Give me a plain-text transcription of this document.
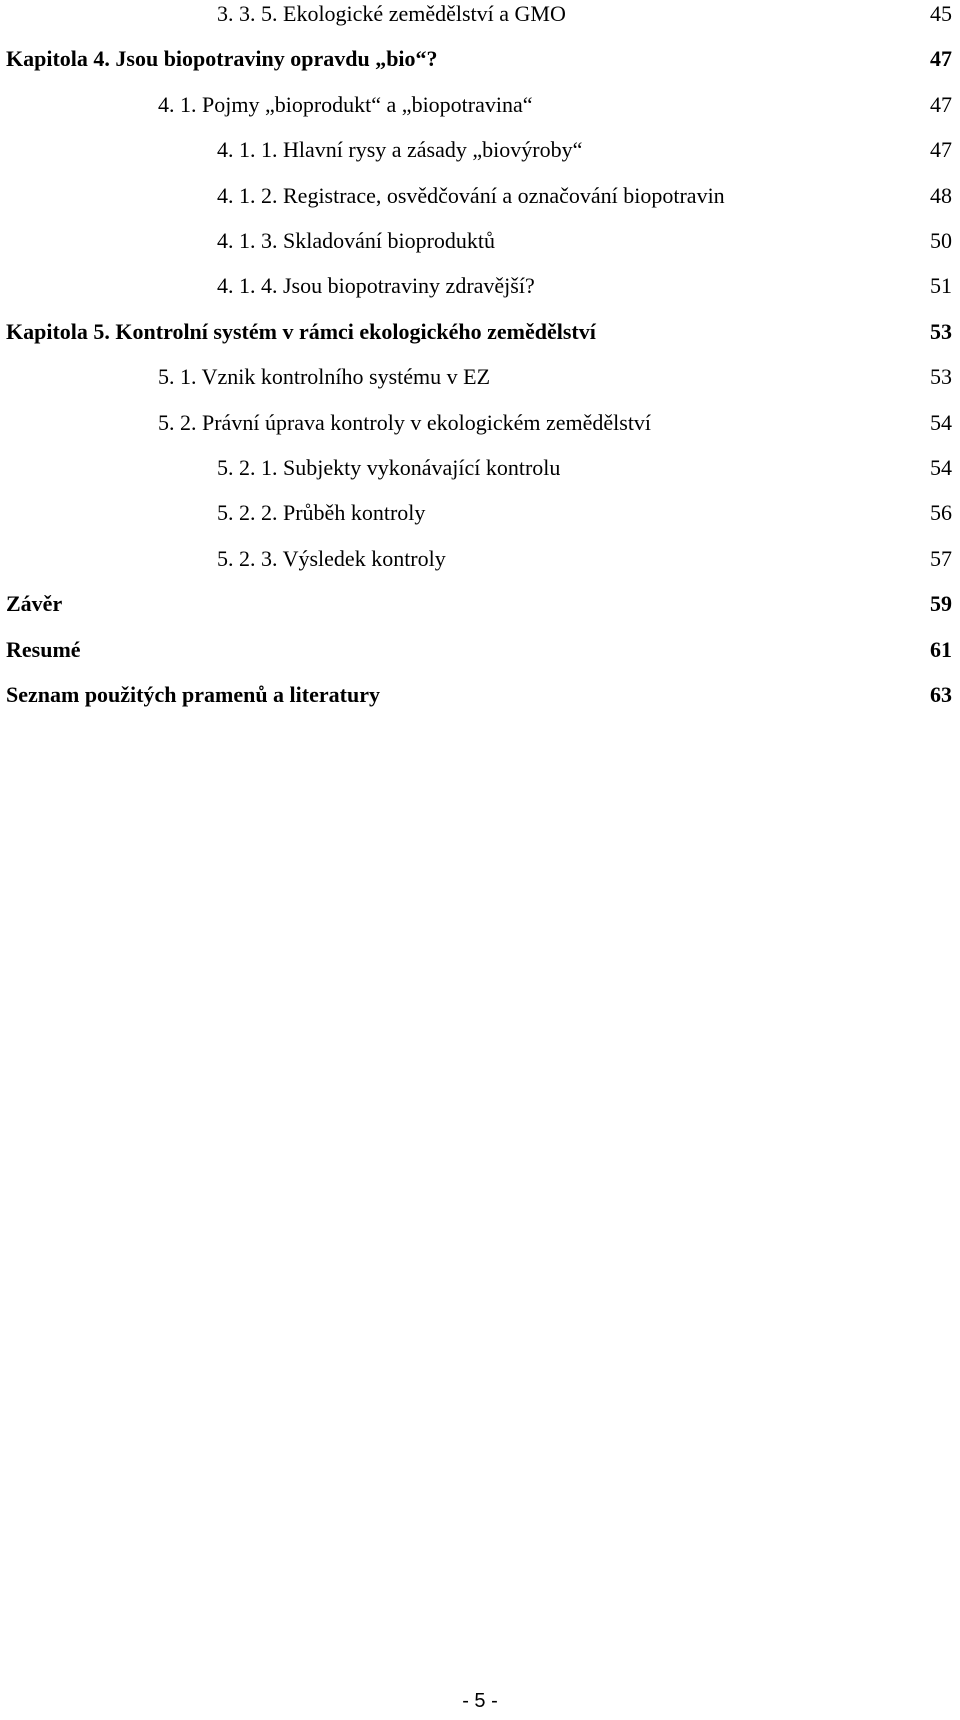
3. 3. 5. Ekologické zemědělství a GMO	45
Kapitola 4. Jsou biopotraviny opravdu „bio“?	47
4. 1. Pojmy „bioprodukt“ a „biopotravina“	47
4. 1. 1. Hlavní rysy a zásady „biovýroby“	47
4. 1. 2. Registrace, osvědčování a označování biopotravin	48
4. 1. 3. Skladování bioproduktů	50
4. 1. 4. Jsou biopotraviny zdravější?	51
Kapitola 5. Kontrolní systém v rámci ekologického zemědělství	53
5. 1. Vznik kontrolního systému v EZ	53
5. 2. Právní úprava kontroly v ekologickém zemědělství	54
5. 2. 1. Subjekty vykonávající kontrolu	54
5. 2. 2. Průběh kontroly	56
5. 2. 3. Výsledek kontroly	57
Závěr	59
Resumé	61
Seznam použitých pramenů a literatury	63
- 5 -
